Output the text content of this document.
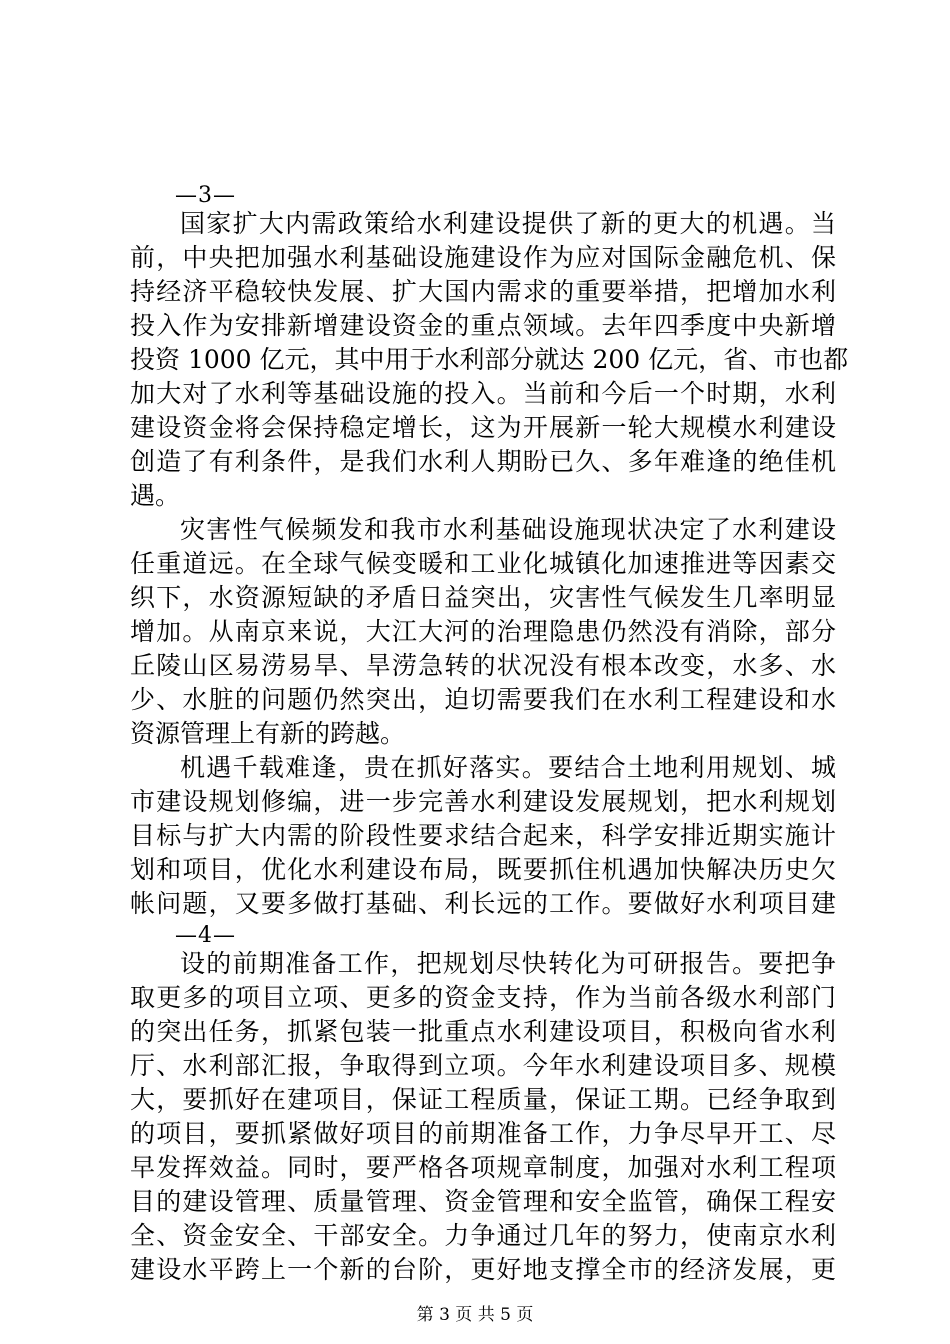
—3—
国家扩大内需政策给水利建设提供了新的更大的机遇。当
前，中央把加强水利基础设施建设作为应对国际金融危机、保
持经济平稳较快发展、扩大国内需求的重要举措，把增加水利
投入作为安排新增建设资金的重点领域。去年四季度中央新增
投资 1000 亿元，其中用于水利部分就达 200 亿元，省、市也都
加大对了水利等基础设施的投入。当前和今后一个时期，水利
建设资金将会保持稳定增长，这为开展新一轮大规模水利建设
创造了有利条件，是我们水利人期盼已久、多年难逢的绝佳机
遇。
灾害性气候频发和我市水利基础设施现状决定了水利建设
任重道远。在全球气候变暖和工业化城镇化加速推进等因素交
织下，水资源短缺的矛盾日益突出，灾害性气候发生几率明显
增加。从南京来说，大江大河的治理隐患仍然没有消除，部分
丘陵山区易涝易旱、旱涝急转的状况没有根本改变，水多、水
少、水脏的问题仍然突出，迫切需要我们在水利工程建设和水
资源管理上有新的跨越。
机遇千载难逢，贵在抓好落实。要结合土地利用规划、城
市建设规划修编，进一步完善水利建设发展规划，把水利规划
目标与扩大内需的阶段性要求结合起来，科学安排近期实施计
划和项目，优化水利建设布局，既要抓住机遇加快解决历史欠
帐问题，又要多做打基础、利长远的工作。要做好水利项目建
—4—
设的前期准备工作，把规划尽快转化为可研报告。要把争
取更多的项目立项、更多的资金支持，作为当前各级水利部门
的突出任务，抓紧包装一批重点水利建设项目，积极向省水利
厅、水利部汇报，争取得到立项。今年水利建设项目多、规模
大，要抓好在建项目，保证工程质量，保证工期。已经争取到
的项目，要抓紧做好项目的前期准备工作，力争尽早开工、尽
早发挥效益。同时，要严格各项规章制度，加强对水利工程项
目的建设管理、质量管理、资金管理和安全监管，确保工程安
全、资金安全、干部安全。力争通过几年的努力，使南京水利
建设水平跨上一个新的台阶，更好地支撑全市的经济发展，更
第 3 页 共 5 页
